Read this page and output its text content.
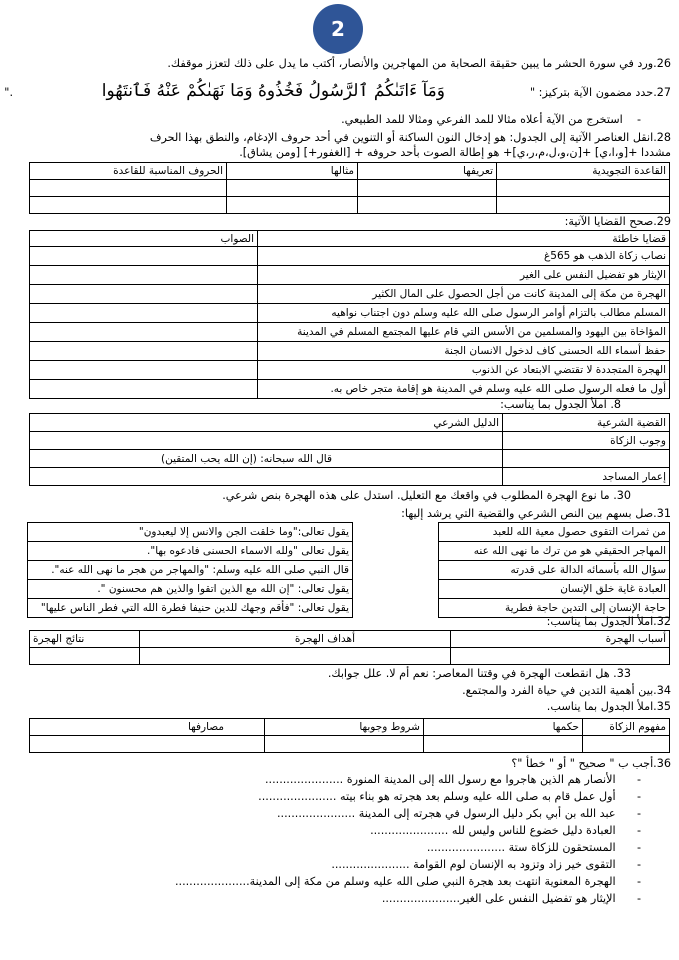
2
26.ورد في سورة الحشر ما يبين حقيقة الصحابة من المهاجرين والأنصار، أكتب ما يدل على ذلك لتعزز موقفك.
27.حدد مضمون الآية بتركيز: "
وَمَآ ءَاتَىٰكُمُ ٱلرَّسُولُ فَخُذُوهُ وَمَا نَهَىٰكُمْ عَنْهُ فَٱنتَهُوا
".
-    استخرج من الآية أعلاه مثالا للمد الفرعي ومثالا للمد الطبيعي.
28.انقل العناصر الآتية إلى الجدول: هو إدخال النون الساكنة أو التنوين في أحد حروف الإدغام، والنطق بهذا الحرف
مشددا +[و،ا،ي] +[ن،و،ل،م،ر،ي]+ هو إطالة الصوت بأحد حروفه + [الغفور+] [ومن يشاق].
القاعدة التجويدية	تعريفها	مثالها	الحروف المناسبة للقاعدة

29.صحح القضايا الآتية:
قضايا خاطئة	الصواب
نصاب زكاة الذهب هو 565غ	
الإيثار هو تفضيل النفس على الغير	
الهجرة من مكة إلى المدينة كانت من أجل الحصول على المال الكثير	
المسلم مطالب بالتزام أوامر الرسول صلى الله عليه وسلم دون اجتناب نواهيه	
المؤاخاة بين اليهود والمسلمين من الأسس التي قام عليها المجتمع المسلم في المدينة	
حفظ أسماء الله الحسنى كاف لدخول الانسان الجنة	
الهجرة المتجددة لا تقتضي الابتعاد عن الذنوب	
أول ما فعله الرسول صلى الله عليه وسلم في المدينة هو إقامة متجر خاص به.	
8. املأ الجدول بما يناسب:
القضية الشرعية	الدليل الشرعي
وجوب الزكاة	
	قال الله سبحانه: (إن الله يحب المتقين)
إعمار المساجد	
30. ما نوع الهجرة المطلوب في واقعك مع التعليل. استدل على هذه الهجرة بنص شرعي.
31.صل بسهم بين النص الشرعي والقضية التي يرشد إليها:
من ثمرات التقوى حصول معية الله للعبد
المهاجر الحقيقي هو من ترك ما نهى الله عنه
سؤال الله بأسمائه الدالة على قدرته
العبادة غاية خلق الإنسان
حاجة الإنسان إلى التدين حاجة فطرية
يقول تعالى:"وما خلقت الجن والانس إلا ليعبدون"
يقول تعالى "ولله الاسماء الحسنى فادعوه بها".
قال النبي صلى الله عليه وسلم: "والمهاجر من هجر ما نهى الله عنه".
يقول تعالى: "إن الله مع الذين اتقوا والذين هم محسنون ".
يقول تعالى: "فأقم وجهك للدين حنيفا فطرة الله التي فطر الناس عليها"
32.املأ الجدول بما يناسب:
أسباب الهجرة	أهداف الهجرة	نتائج الهجرة

33. هل انقطعت الهجرة في وقتنا المعاصر: نعم أم لا. علل جوابك.
34.بين أهمية التدين في حياة الفرد والمجتمع.
35.املأ الجدول بما يناسب.
مفهوم الزكاة	حكمها	شروط وجوبها	مصارفها

36.أجب ب " صحيح " أو " خطأ "؟
-      الأنصار هم الذين هاجروا مع رسول الله إلى المدينة المنورة ......................
-      أول عمل قام به صلى الله عليه وسلم بعد هجرته هو بناء بيته ......................
-      عبد الله بن أبي بكر دليل الرسول في هجرته إلى المدينة ......................
-      العبادة دليل خضوع للناس وليس لله ......................
-      المستحقون للزكاة ستة ......................
-      التقوى خير زاد وتزود به الإنسان لوم القوامة ......................
-      الهجرة المعنوية انتهت بعد هجرة النبي صلى الله عليه وسلم من مكة إلى المدينة.....................
-      الإيثار هو تفضيل النفس على الغير......................
